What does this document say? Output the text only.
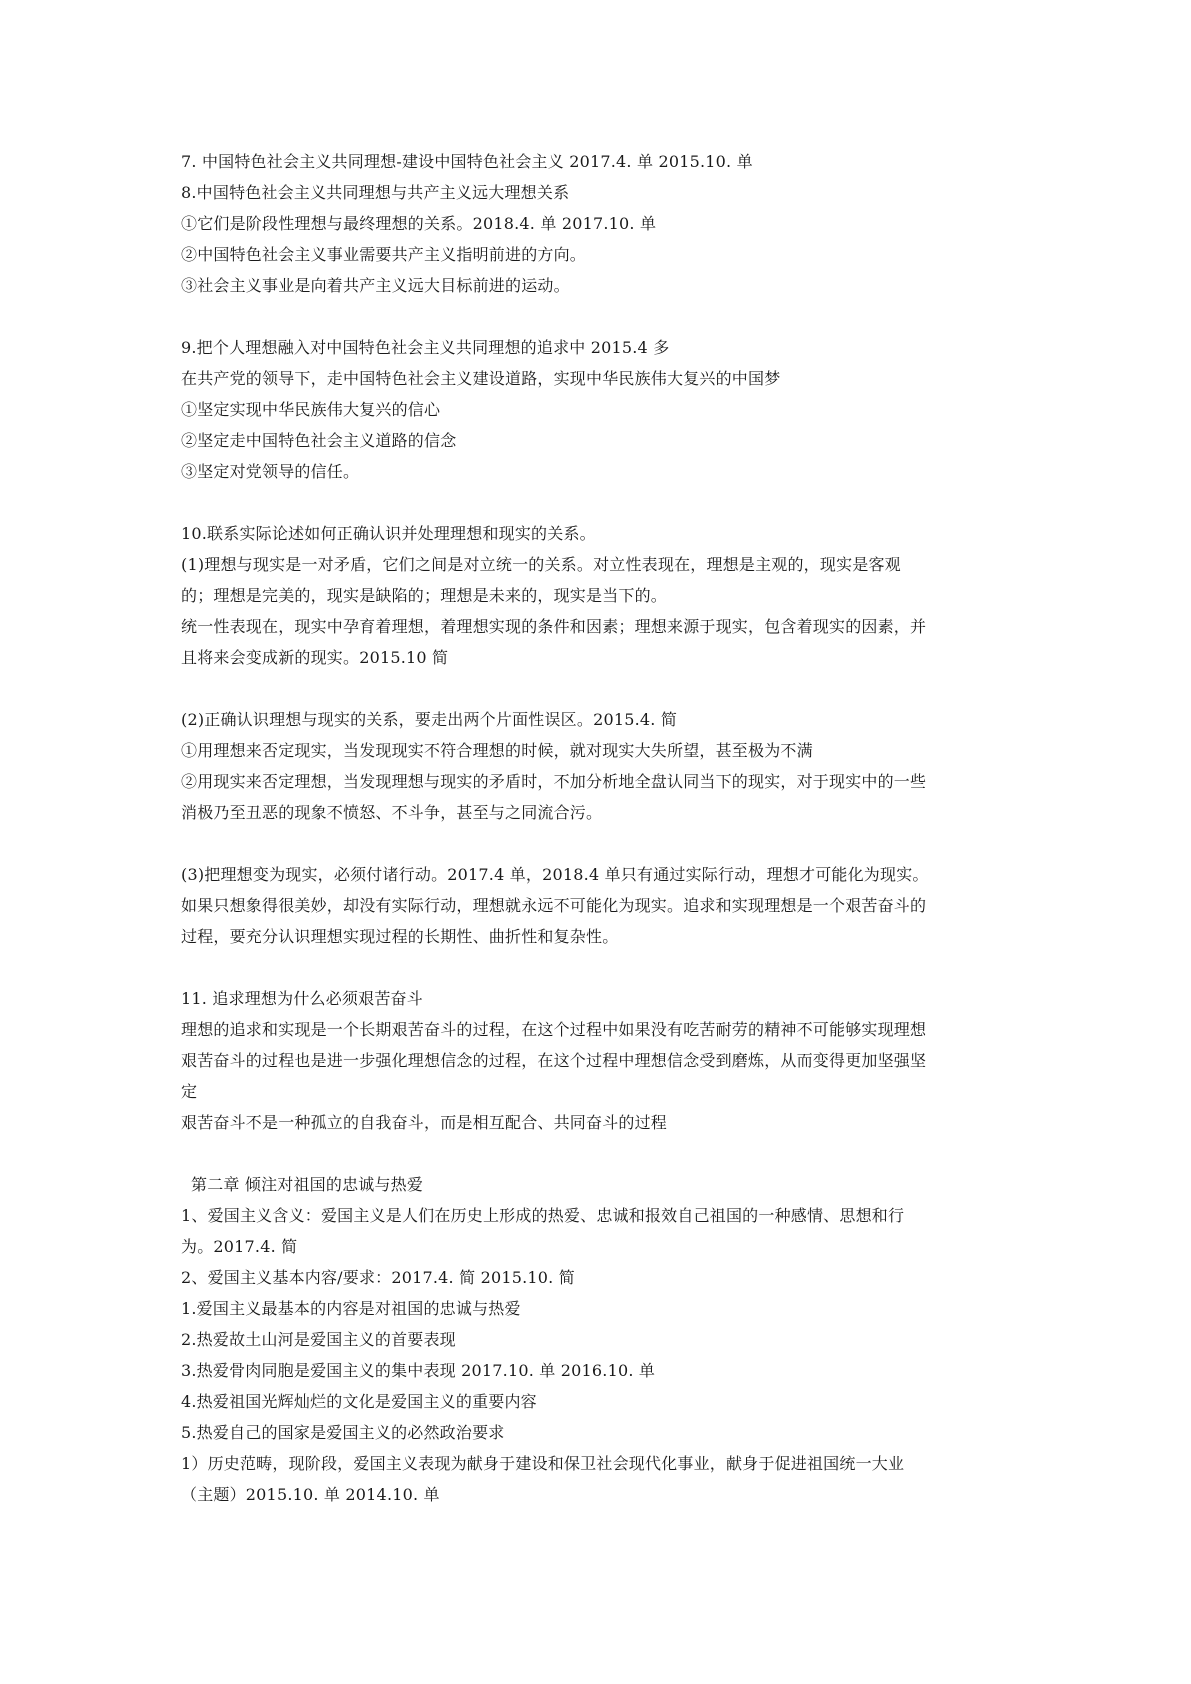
7. 中国特色社会主义共同理想-建设中国特色社会主义 2017.4. 单 2015.10. 单
8.中国特色社会主义共同理想与共产主义远大理想关系
①它们是阶段性理想与最终理想的关系。2018.4. 单 2017.10. 单
②中国特色社会主义事业需要共产主义指明前进的方向。
③社会主义事业是向着共产主义远大目标前进的运动。
9.把个人理想融入对中国特色社会主义共同理想的追求中 2015.4 多
在共产党的领导下，走中国特色社会主义建设道路，实现中华民族伟大复兴的中国梦
①坚定实现中华民族伟大复兴的信心
②坚定走中国特色社会主义道路的信念
③坚定对党领导的信任。
10.联系实际论述如何正确认识并处理理想和现实的关系。
(1)理想与现实是一对矛盾，它们之间是对立统一的关系。对立性表现在，理想是主观的，现实是客观
的；理想是完美的，现实是缺陷的；理想是未来的，现实是当下的。
统一性表现在，现实中孕育着理想，着理想实现的条件和因素；理想来源于现实，包含着现实的因素，并
且将来会变成新的现实。2015.10 简
(2)正确认识理想与现实的关系，要走出两个片面性误区。2015.4. 简
①用理想来否定现实，当发现现实不符合理想的时候，就对现实大失所望，甚至极为不满
②用现实来否定理想，当发现理想与现实的矛盾时，不加分析地全盘认同当下的现实，对于现实中的一些
消极乃至丑恶的现象不愤怒、不斗争，甚至与之同流合污。
(3)把理想变为现实，必须付诸行动。2017.4 单，2018.4 单只有通过实际行动，理想才可能化为现实。
如果只想象得很美妙，却没有实际行动，理想就永远不可能化为现实。追求和实现理想是一个艰苦奋斗的
过程，要充分认识理想实现过程的长期性、曲折性和复杂性。
11. 追求理想为什么必须艰苦奋斗
理想的追求和实现是一个长期艰苦奋斗的过程，在这个过程中如果没有吃苦耐劳的精神不可能够实现理想
艰苦奋斗的过程也是进一步强化理想信念的过程，在这个过程中理想信念受到磨炼，从而变得更加坚强坚
定
艰苦奋斗不是一种孤立的自我奋斗，而是相互配合、共同奋斗的过程
第二章 倾注对祖国的忠诚与热爱
1、爱国主义含义：爱国主义是人们在历史上形成的热爱、忠诚和报效自己祖国的一种感情、思想和行
为。2017.4. 简
2、爱国主义基本内容/要求：2017.4. 简 2015.10. 简
1.爱国主义最基本的内容是对祖国的忠诚与热爱
2.热爱故土山河是爱国主义的首要表现
3.热爱骨肉同胞是爱国主义的集中表现 2017.10. 单 2016.10. 单
4.热爱祖国光辉灿烂的文化是爱国主义的重要内容
5.热爱自己的国家是爱国主义的必然政治要求
1）历史范畴，现阶段，爱国主义表现为献身于建设和保卫社会现代化事业，献身于促进祖国统一大业
（主题）2015.10. 单 2014.10. 单
